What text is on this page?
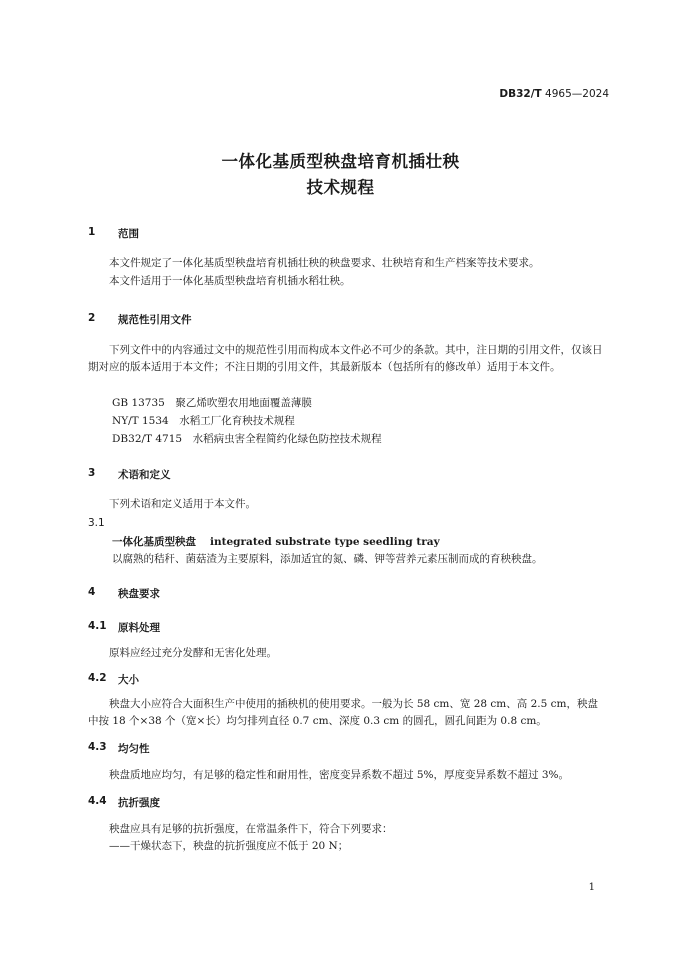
DB32/T 4965—2024
一体化基质型秧盘培育机插壮秧
技术规程
1	范围
本文件规定了一体化基质型秧盘培育机插壮秧的秧盘要求、壮秧培育和生产档案等技术要求。
本文件适用于一体化基质型秧盘培育机插水稻壮秧。
2	规范性引用文件
下列文件中的内容通过文中的规范性引用而构成本文件必不可少的条款。其中，注日期的引用文件，仅该日期对应的版本适用于本文件；不注日期的引用文件，其最新版本（包括所有的修改单）适用于本文件。
GB 13735　 聚乙烯吹塑农用地面覆盖薄膜
NY/T 1534　 水稻工厂化育秧技术规程
DB32/T 4715　 水稻病虫害全程简约化绿色防控技术规程
3	术语和定义
下列术语和定义适用于本文件。
3.1
一体化基质型秧盘 integrated substrate type seedling tray
以腐熟的秸秆、菌菇渣为主要原料，添加适宜的氮、磷、钾等营养元素压制而成的育秧秧盘。
4	秧盘要求
4.1	原料处理
原料应经过充分发酵和无害化处理。
4.2	大小
秧盘大小应符合大面积生产中使用的插秧机的使用要求。一般为长 58 cm、宽 28 cm、高 2.5 cm，秧盘中按 18 个×38 个（宽×长）均匀排列直径 0.7 cm、深度 0.3 cm 的圆孔，圆孔间距为 0.8 cm。
4.3	均匀性
秧盘质地应均匀，有足够的稳定性和耐用性，密度变异系数不超过 5%，厚度变异系数不超过 3%。
4.4	抗折强度
秧盘应具有足够的抗折强度，在常温条件下，符合下列要求：
——干燥状态下，秧盘的抗折强度应不低于 20 N；
1
